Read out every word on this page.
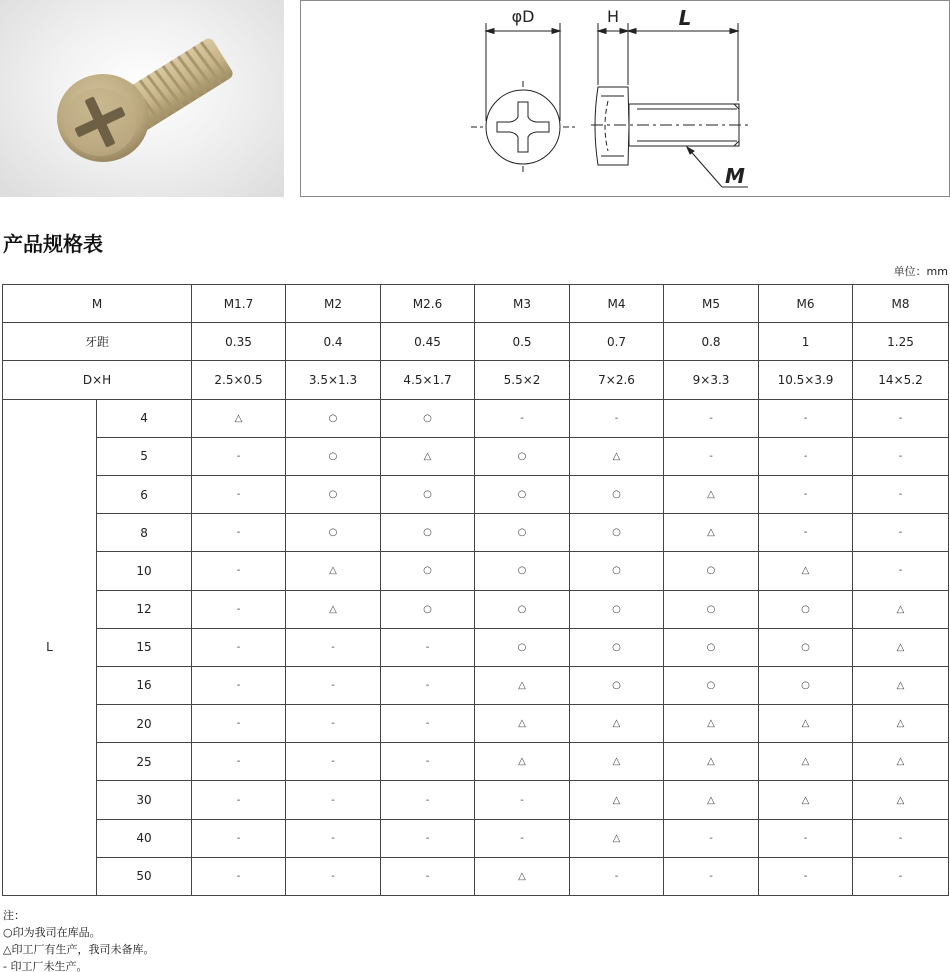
φD	H	L
M
产品规格表
单位：mm
M		M1.7	M2	M2.6	M3	M4	M5	M6	M8
牙距		0.35	0.4	0.45	0.5	0.7	0.8	1	1.25
D×H		2.5×0.5	3.5×1.3	4.5×1.7	5.5×2	7×2.6	9×3.3	10.5×3.9	14×5.2
L	4	△	○	○	-	-	-	-	-
	5	-	○	△	○	△	-	-	-
	6	-	○	○	○	○	△	-	-
	8	-	○	○	○	○	△	-	-
	10	-	△	○	○	○	○	△	-
	12	-	△	○	○	○	○	○	△
	15	-	-	-	○	○	○	○	△
	16	-	-	-	△	○	○	○	△
	20	-	-	-	△	△	△	△	△
	25	-	-	-	△	△	△	△	△
	30	-	-	-	-	△	△	△	△
	40	-	-	-	-	△	-	-	-
	50	-	-	-	△	-	-	-	-
注：
○印为我司在库品。
△印工厂有生产，我司未备库。
- 印工厂未生产。
